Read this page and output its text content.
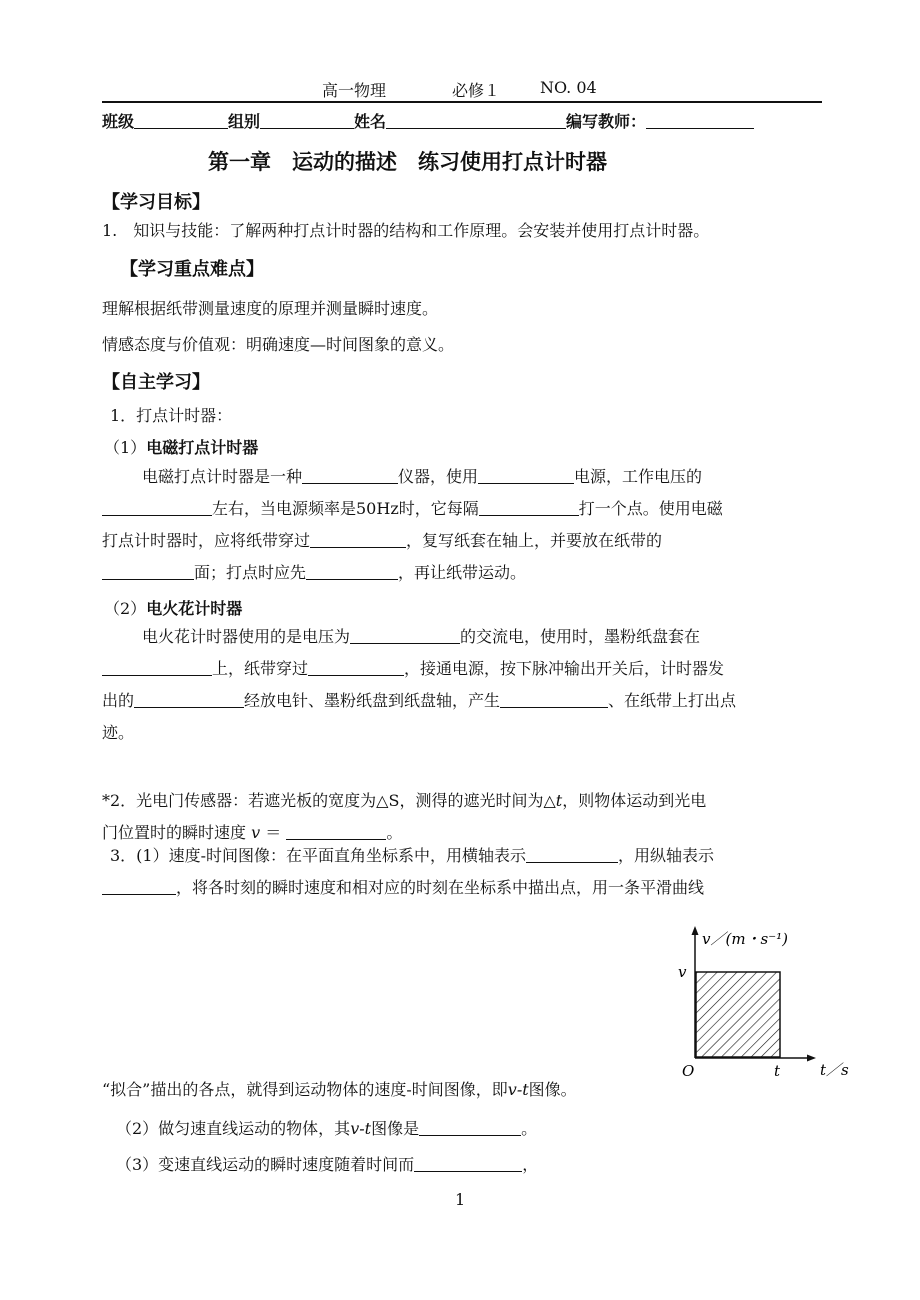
高一物理	必修１ NO. 04
班级	组别	姓名	编写教师：
第一章　运动的描述　练习使用打点计时器
【学习目标】
1.　知识与技能：了解两种打点计时器的结构和工作原理。会安装并使用打点计时器。
【学习重点难点】
理解根据纸带测量速度的原理并测量瞬时速度。
情感态度与价值观：明确速度—时间图象的意义。
【自主学习】
1．打点计时器：
（1）电磁打点计时器
电磁打点计时器是一种	仪器，使用	电源，工作电压的
左右，当电源频率是50Hz时，它每隔	打一个点。使用电磁
打点计时器时，应将纸带穿过	，复写纸套在轴上，并要放在纸带的
面；打点时应先	，再让纸带运动。
（2）电火花计时器
电火花计时器使用的是电压为	的交流电，使用时，墨粉纸盘套在
上，纸带穿过	，接通电源，按下脉冲输出开关后，计时器发
出的	经放电针、墨粉纸盘到纸盘轴，产生	、在纸带上打出点
迹。
*2．光电门传感器：若遮光板的宽度为△S，测得的遮光时间为△t，则物体运动到光电
门位置时的瞬时速度 v ＝	。
3．(1）速度-时间图像：在平面直角坐标系中，用横轴表示	，用纵轴表示
，将各时刻的瞬时速度和相对应的时刻在坐标系中描出点，用一条平滑曲线
“拟合”描出的各点，就得到运动物体的速度-时间图像，即v-t图像。
（2）做匀速直线运动的物体，其v-t图像是	。
（3）变速直线运动的瞬时速度随着时间而	，
v／(m・s⁻¹)
v
O	t	t／s
1
